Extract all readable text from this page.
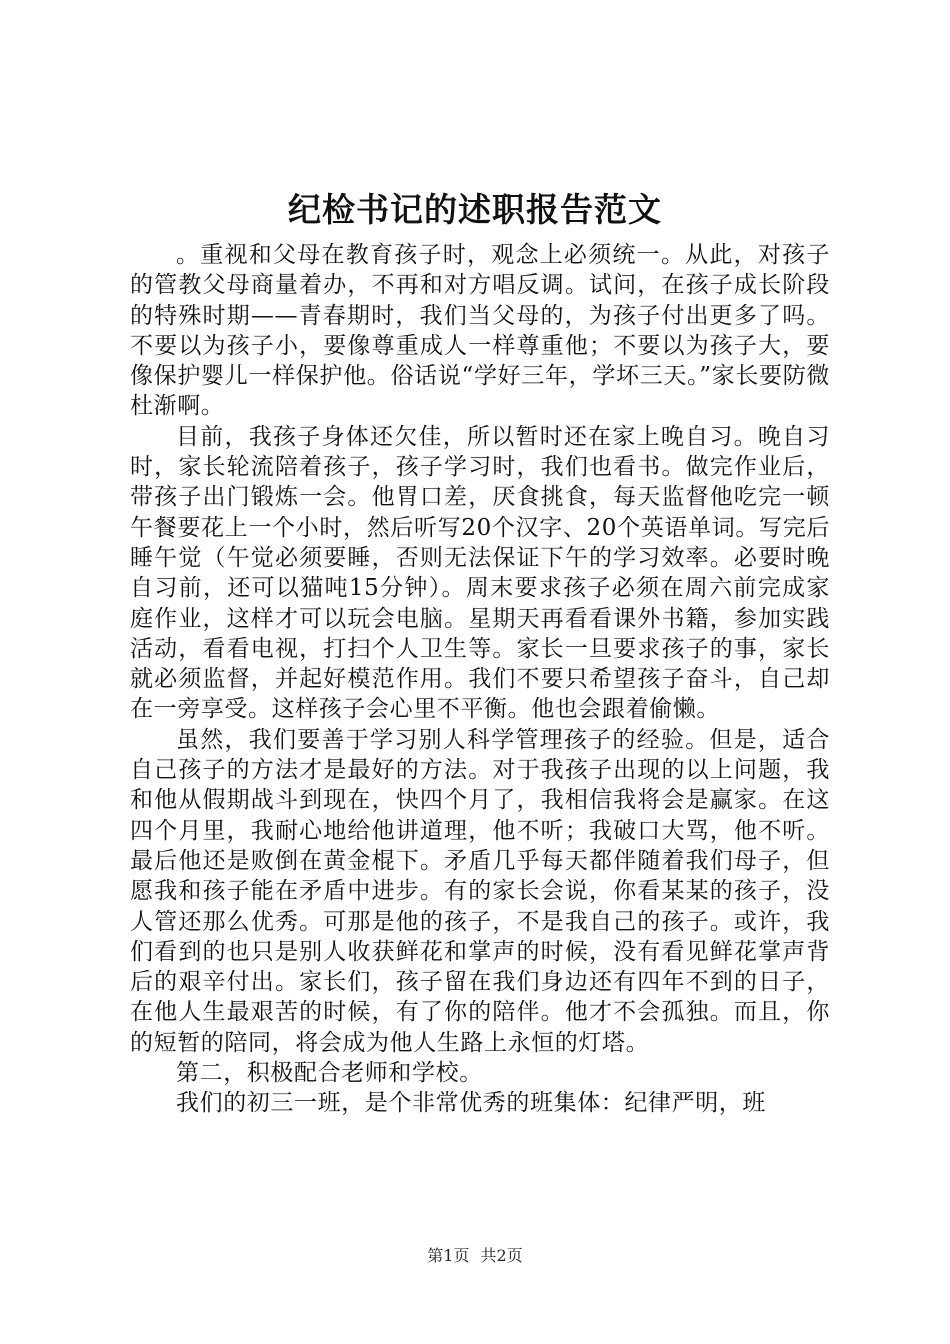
纪检书记的述职报告范文

。重视和父母在教育孩子时，观念上必须统一。从此，对孩子的管教父母商量着办，不再和对方唱反调。试问，在孩子成长阶段的特殊时期——青春期时，我们当父母的，为孩子付出更多了吗。不要以为孩子小，要像尊重成人一样尊重他；不要以为孩子大，要像保护婴儿一样保护他。俗话说“学好三年，学坏三天。”家长要防微杜渐啊。

目前，我孩子身体还欠佳，所以暂时还在家上晚自习。晚自习时，家长轮流陪着孩子，孩子学习时，我们也看书。做完作业后，带孩子出门锻炼一会。他胃口差，厌食挑食，每天监督他吃完一顿午餐要花上一个小时，然后听写20个汉字、20个英语单词。写完后睡午觉（午觉必须要睡，否则无法保证下午的学习效率。必要时晚自习前，还可以猫吨15分钟）。周末要求孩子必须在周六前完成家庭作业，这样才可以玩会电脑。星期天再看看课外书籍，参加实践活动，看看电视，打扫个人卫生等。家长一旦要求孩子的事，家长就必须监督，并起好模范作用。我们不要只希望孩子奋斗，自己却在一旁享受。这样孩子会心里不平衡。他也会跟着偷懒。

虽然，我们要善于学习别人科学管理孩子的经验。但是，适合自己孩子的方法才是最好的方法。对于我孩子出现的以上问题，我和他从假期战斗到现在，快四个月了，我相信我将会是赢家。在这四个月里，我耐心地给他讲道理，他不听；我破口大骂，他不听。最后他还是败倒在黄金棍下。矛盾几乎每天都伴随着我们母子，但愿我和孩子能在矛盾中进步。有的家长会说，你看某某的孩子，没人管还那么优秀。可那是他的孩子，不是我自己的孩子。或许，我们看到的也只是别人收获鲜花和掌声的时候，没有看见鲜花掌声背后的艰辛付出。家长们，孩子留在我们身边还有四年不到的日子，在他人生最艰苦的时候，有了你的陪伴。他才不会孤独。而且，你的短暂的陪同，将会成为他人生路上永恒的灯塔。

第二，积极配合老师和学校。

我们的初三一班，是个非常优秀的班集体：纪律严明，班

第1页 共2页
